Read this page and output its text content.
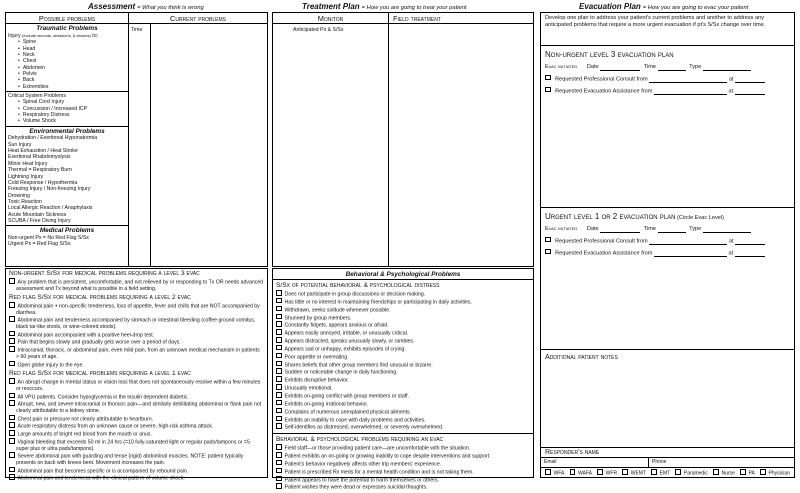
Assessment = What you think is wrong	Treatment Plan = How you are going to treat your patient	Evacuation Plan = How you are going to evac your patient
Possible problems
Traumatic Problems
Injury (include wounds, abrasions, & bruises) to:
• Spine
• Head
• Neck
• Chest
• Abdomen
• Pelvis
• Back
• Extremities
Critical System Problems
• Spinal Cord Injury
• Concussion / Increased ICP
• Respiratory Distress
• Volume Shock
Environmental Problems
Dehydration / Exertional Hyponatremia
Sun Injury
Heat Exhaustion / Heat Stroke
Exertional Rhabdomyolysis
Minor Heat Injury
Thermal = Respiratory Burn
Lightning Injury
Cold Response / Hypothermia
Freezing Injury / Non-freezing Injury
Drowning
Toxic Reaction
Local Allergic Reaction / Anaphylaxis
Acute Mountain Sickness
SCUBA / Free Diving Injury
Medical Problems
Non-urgent Px = No Red Flag S/Sx
Urgent Px = Red Flag S/Sx
Current problems
Time
Non-urgent S/Sx for medical problems requiring a level 3 evac
Any problem that is persistent, uncomfortable, and not relieved by or responding to Tx OR needs advanced assessment and Tx beyond what is possible in a field setting.
Red flag S/Sx for medical problems requiring a level 2 evac
Abdominal pain + non-specific tenderness, loss of appetite, fever and chills that are NOT accompanied by diarrhea.
Abdominal pain and tenderness accompanied by stomach or intestinal bleeding (coffee ground vomitus, black tar-like stools, or wine-colored stools).
Abdominal pain accompanied with a positive heel-drop test.
Pain that begins slowly and gradually gets worse over a period of days.
Intracranial, thoracic, or abdominal pain, even mild pain, from an unknown medical mechanism in patients > 60 years of age.
Open globe injury to the eye.
Red flag S/Sx for medical problems requiring a level 1 evac
An abrupt change in mental status or vision loss that does not spontaneously resolve within a few minutes or reoccurs.
All VPU patients. Consider hypoglycemia in the insulin dependent diabetic.
Abrupt, new, and severe intracranial or thoracic pain—and similarly debilitating abdominal or flank pain not clearly attributable to a kidney stone.
Chest pain or pressure not clearly attributable to heartburn.
Acute respiratory distress from an unknown cause or severe, high-risk asthma attack.
Large amounts of bright red blood from the mouth or anus.
Vaginal bleeding that exceeds 50 ml in 24 hrs (=10 fully-saturated light or regular pads/tampons or =5 super plus or ultra pads/tampons).
Severe abdominal pain with guarding and tense (rigid) abdominal muscles. NOTE: patient typically presents on back with knees bent. Movement increases the pain.
Abdominal pain that becomes specific or is accompanied by rebound pain.
Abdominal pain and tenderness with the clinical pattern of volume shock.
Monitor
Anticipated Px & S/Sx
Field treatment
Behavioral & Psychological Problems
S/Sx of potential behavioral & psychological distress
Does not participate in group discussions or decision making.
Has little or no interest in maintaining friendships or participating in daily activities.
Withdrawn, seeks solitude whenever possible.
Shunned by group members.
Constantly fidgets, appears anxious or afraid.
Appears easily annoyed, irritable, or unusually critical.
Appears distracted, speaks unusually slowly, or rambles.
Appears sad or unhappy, exhibits episodes of crying.
Poor appetite or overeating.
Shares beliefs that other group members find unusual or bizarre.
Sudden or noticeable change in daily functioning.
Exhibits disruptive behavior.
Unusually emotional.
Exhibits on-going conflict with group members or staff.
Exhibits on-going irrational behavior.
Complains of numerous unexplained physical ailments.
Exhibits an inability to cope with daily problems and activities.
Self-identifies as distressed, overwhelmed, or severely overwhelmed.
Behavioral & psychological problems requiring an evac
Field staff—or those providing patient care—are uncomfortable with the situation.
Patient exhibits an on-going or growing inability to cope despite interventions and support.
Patient's behavior negatively affects other trip members' experience.
Patient is prescribed Rx meds for a mental health condition and is not taking them.
Patient appears to have the potential to harm themselves or others.
Patient wishes they were dead or expresses suicidal thoughts.
Develop one plan to address your patient's current problems and another to address any anticipated problems that require a more urgent evacuation if pt's S/Sx change over time.
Non-urgent level 3 evacuation plan
Evac initiated Date	Time	Type
Requested Professional Consult from	at
Requested Evacuation Assistance from	at
Urgent level 1 or 2 evacuation plan (Circle Evac Level)
Evac initiated Date	Time	Type
Requested Professional Consult from	at
Requested Evacuation Assistance from	at
Additional patient notes
Responder's name
Email	Phone
WFA	WAFA	WFR	WEMT	EMT	Paramedic	Nurse	PA	Physician
